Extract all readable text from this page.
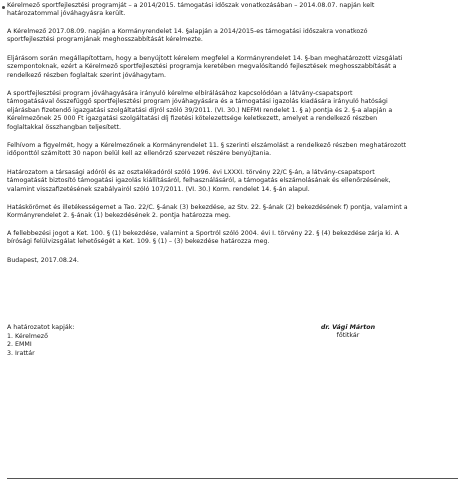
Kérelmező sportfejlesztési programját – a 2014/2015. támogatási időszak vonatkozásában – 2014.08.07. napján kelt
határozatommal jóváhagyásra került.

A Kérelmező 2017.08.09. napján a Kormányrendelet 14. §alapján a 2014/2015-es támogatási időszakra vonatkozó
sportfejlesztési programjának meghosszabbítását kérelmezte.

Eljárásom során megállapítottam, hogy a benyújtott kérelem megfelel a Kormányrendelet 14. §-ban meghatározott vizsgálati
szempontoknak, ezért a Kérelmező sportfejlesztési programja keretében megvalósítandó fejlesztések meghosszabbítását a
rendelkező részben foglaltak szerint jóváhagytam.

A sportfejlesztési program jóváhagyására irányuló kérelme elbírálásához kapcsolódóan a látvány-csapatsport
támogatásával összefüggő sportfejlesztési program jóváhagyására és a támogatási igazolás kiadására irányuló hatósági
eljárásban fizetendő igazgatási szolgáltatási díjról szóló 39/2011. (VI. 30.) NEFMI rendelet 1. § a) pontja és 2. §-a alapján a
Kérelmezőnek 25 000 Ft igazgatási szolgáltatási díj fizetési kötelezettsége keletkezett, amelyet a rendelkező részben
foglaltakkal összhangban teljesített.

Felhívom a figyelmét, hogy a Kérelmezőnek a Kormányrendelet 11. § szerinti elszámolást a rendelkező részben meghatározott
időponttól számított 30 napon belül kell az ellenőrző szervezet részére benyújtania.

Határozatom a társasági adóról és az osztalékadóról szóló 1996. évi LXXXI. törvény 22/C §-án, a látvány-csapatsport
támogatását biztosító támogatási igazolás kiállításáról, felhasználásáról, a támogatás elszámolásának és ellenőrzésének,
valamint visszafizetésének szabályairól szóló 107/2011. (VI. 30.) Korm. rendelet 14. §-án alapul.

Hatáskörömet és illetékességemet a Tao. 22/C. §-ának (3) bekezdése, az Stv. 22. §-ának (2) bekezdésének f) pontja, valamint a
Kormányrendelet 2. §-ának (1) bekezdésének 2. pontja határozza meg.

A fellebbezési jogot a Ket. 100. § (1) bekezdése, valamint a Sportról szóló 2004. évi I. törvény 22. § (4) bekezdése zárja ki. A
bírósági felülvizsgálat lehetőségét a Ket. 109. § (1) – (3) bekezdése határozza meg.

Budapest, 2017.08.24.

A határozatot kapják:
1. Kérelmező
2. EMMI
3. Irattár
dr. Vági Márton
főtitkár
